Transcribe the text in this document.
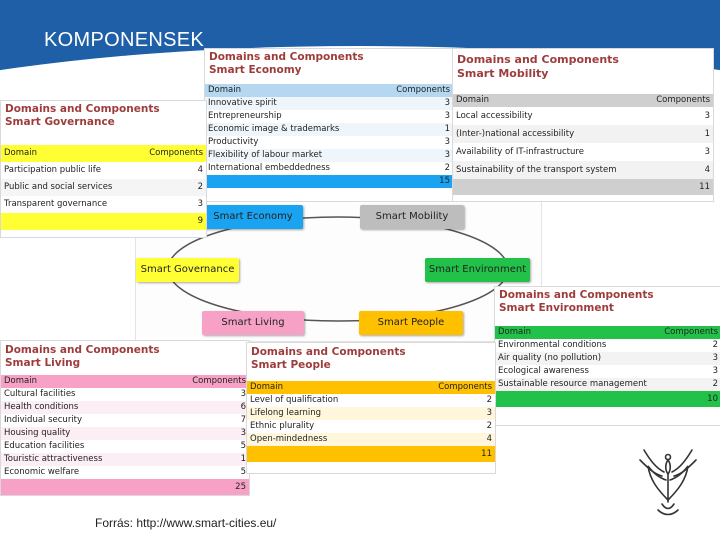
KOMPONENSEK
Smart Economy	Smart Mobility
Smart Governance	Smart Environment
Smart Living	Smart People
Domains and Components
Smart Economy
Domain	Components
Innovative spirit	3
Entrepreneurship	3
Economic image & trademarks	1
Productivity	3
Flexibility of labour market	3
International embeddedness	2
15	
Domains and Components
Smart Mobility
Domain	Components
Local accessibility	3
(Inter-)national accessibility	1
Availability of IT-infrastructure	3
Sustainability of the transport system	4
11	
Domains and Components
Smart Governance
Domain	Components
Participation public life	4
Public and social services	2
Transparent governance	3
9	
Domains and Components
Smart Environment
Domain	Components
Environmental conditions	2
Air quality (no pollution)	3
Ecological awareness	3
Sustainable resource management	2
10	
Domains and Components
Smart Living
Domain	Components
Cultural facilities	3
Health conditions	6
Individual security	7
Housing quality	3
Education facilities	5
Touristic attractiveness	1
Economic welfare	5
25	
Domains and Components
Smart People
Domain	Components
Level of qualification	2
Lifelong learning	3
Ethnic plurality	2
Open-mindedness	4
11	
Forrás: http://www.smart-cities.eu/
